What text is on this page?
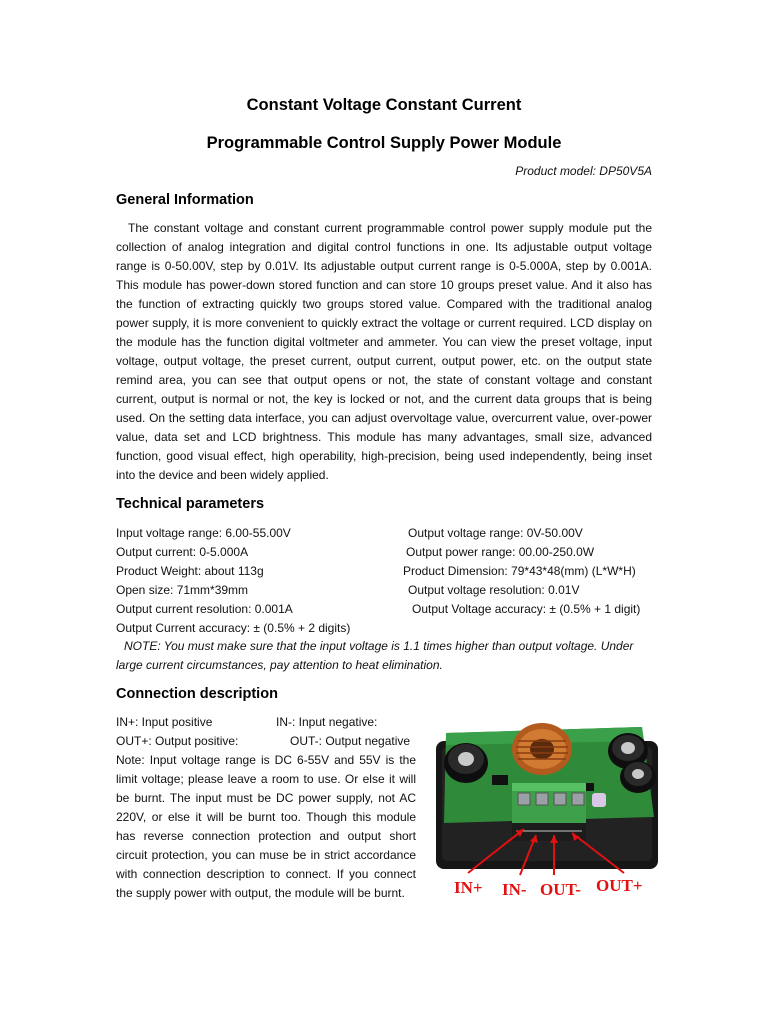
Constant Voltage Constant Current
Programmable Control Supply Power Module
Product model: DP50V5A
General Information
The constant voltage and constant current programmable control power supply module put the collection of analog integration and digital control functions in one. Its adjustable output voltage range is 0-50.00V, step by 0.01V. Its adjustable output current range is 0-5.000A, step by 0.001A. This module has power-down stored function and can store 10 groups preset value. And it also has the function of extracting quickly two groups stored value. Compared with the traditional analog power supply, it is more convenient to quickly extract the voltage or current required. LCD display on the module has the function digital voltmeter and ammeter. You can view the preset voltage, input voltage, output voltage, the preset current, output current, output power, etc. on the output state remind area, you can see that output opens or not, the state of constant voltage and constant current, output is normal or not, the key is locked or not, and the current data groups that is being used. On the setting data interface, you can adjust overvoltage value, overcurrent value, over-power value, data set and LCD brightness. This module has many advantages, small size, advanced function, good visual effect, high operability, high-precision, being used independently, being inset into the device and been widely applied.
Technical parameters
Input voltage range: 6.00-55.00V	Output voltage range: 0V-50.00V
Output current: 0-5.000A	Output power range: 00.00-250.0W
Product Weight: about 113g	Product Dimension: 79*43*48(mm) (L*W*H)
Open size: 71mm*39mm	Output voltage resolution: 0.01V
Output current resolution: 0.001A	Output Voltage accuracy: ± (0.5% + 1 digit)
Output Current accuracy: ± (0.5% + 2 digits)
NOTE: You must make sure that the input voltage is 1.1 times higher than output voltage. Under large current circumstances, pay attention to heat elimination.
Connection description
IN+: Input positive	IN-: Input negative:
OUT+: Output positive:	OUT-: Output negative
Note: Input voltage range is DC 6-55V and 55V is the limit voltage; please leave a room to use. Or else it will be burnt. The input must be DC power supply, not AC 220V, or else it will be burnt too. Though this module has reverse connection protection and output short circuit protection, you can muse be in strict accordance with connection description to connect. If you connect the supply power with output, the module will be burnt.	IN+ IN- OUT- OUT+
